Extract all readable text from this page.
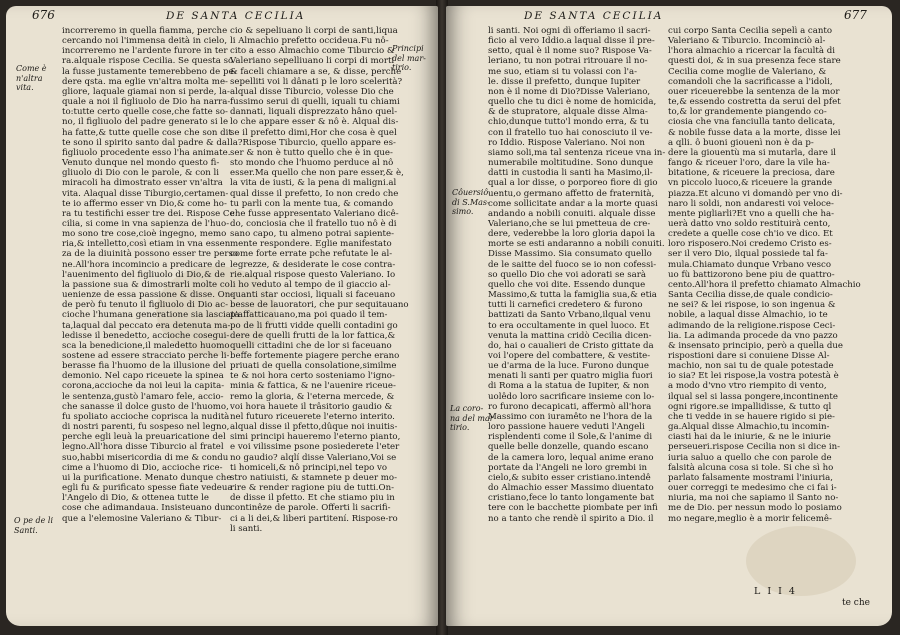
676	DE SANTA CECILIA
Come è
n'altra
vita.
Principi
del mar-
tirio.
O pe de li
Santi.
incorreremo in quella fiamma, perche
cercando noi l'immensa deità in cielo,
incorreremo ne l'ardente furore in ter
ra.alquale rispose Cecilia. Se questa so
la fusse justamente temerebbeno de pe-
dere qsta. ma eglie vn'altra molta me-
gliore, laquale giamai non si perde, la-
quale a noi il figliuolo de Dio ha narra-
to:tutte certo quelle cose,che fatte so-
no, il figliuolo del padre generato si le
ha fatte,& tutte quelle cose che son dit
te sono il spirito santo dal padre & dal
figliuolo procedente esso l'ha animate.
Venuto dunque nel mondo questo fi-
gliuolo di Dio con le parole, & con li
miracoli ha dimostrato esser vn'altra
vita. Alaqual disse Tiburgio,certamen-
te io affermo esser vn Dio,& come ho-
ra tu testifichi esser tre dei. Rispose Ce
cilia, si come in vna sapienza de l'huo-
mo sono tre cose,cioè ingegno, memo
ria,& intelletto,così etiam in vna essen
za de la diuinità possono esser tre perso
ne.All'hora incomincio a predicare de
l'auenimento del figliuolo di Dio,& de
la passione sua & dimostrarli molte co
uenienze de essa passione & disse. On-
de però fu tenuto il figliuolo di Dio ac-
cioche l'humana generatione sia lasciata
ta,laqual dal peccato era detenuta ma-
ledisse il benedetto, accioche cosegui-
sca la benedicione,il maledetto huomo
sostene ad essere stracciato perche li-
berasse fia l'huomo de la illusione del
demonio. Nel capo riceuete la spinea
corona,accioche da noi leui la capita-
le sentenza,gustò l'amaro fele, accio-
che sanasse il dolce gusto de l'huomo,
fu spoliato accioche coprisca la nudità
di nostri parenti, fu sospeso nel legno,
perche egli leuà la preuaricatione del
legno.All'hora disse Tiburcio al fratel
suo,habbi misericordia di me & condu
cime a l'huomo di Dio, accioche rice-
ui la purificatione. Menato dunque che
egli fu & purificato spesse fiate vedeua
l'Angelo di Dio, & ottenea tutte le
cose che adimandaua. Insisteuano dun
que a l'elemosine Valeriano & Tibur-
cio & sepeliuano li corpi de santi,liqua
li Almachio prefetto occideua.Fu nô-
cito a esso Almachio come Tiburcio &
Valeriano sepelliuano li corpi di morti
& faceli chiamare a se, & disse, perche
sepelliti voi li dânati p le loro scelerità?
alqual disse Tiburcio, volesse Dio che
fussimo serui di quelli, iquali tu chiami
dannati, liquali disprezzato hâno quel-
lo che appare esser & nô è. Alqual dis-
se il prefetto dimi,Hor che cosa è quel
la?Rispose Tiburcio, quello appare es-
ser & non è tutto quello che è in que-
sto mondo che l'huomo perduce al nô
esser.Ma quello che non pare esser,& è,
la vita de iusti, & la pena di maligni.al
qual disse il prefetto, Io non credo che
tu parli con la mente tua, & comando
che fusse appresentato Valeriano dicê-
do, conciosia che il fratello tuo nô è di
sano capo, tu almeno potrai sapiente-
mente respondere. Eglie manifestato
come forte errate pche refutate le al-
legrezze, & desiderate le cose contra-
rie.alqual rispose questo Valeriano. Io
li ho veduto al tempo de il giaccio al-
quanti star occiosi, liquali si faceuano
besse de lauoratori, che pur sequitauano
p'affatticauano,ma poi quado il tem-
po de li frutti vidde quelli contadini go
dere de quelli frutti de la lor fattica,&
quelli cittadini che de lor si faceuano
beffe fortemente piagere perche erano
priuati de quella consolatione,similme
te & noi hora certo sosteniamo l'igno-
minia & fattica, & ne l'auenire riceue-
remo la gloria, & l'eterna mercede, &
voi hora hauete il trâsitorio gaudio &
nel futuro riceuerete l'eterno interito.
alqual disse il pfetto,dûque noi inuitis-
simi principi haueremo l'eterno pianto,
e voi vilissime psone posiederete l'eter
no gaudio? alqlí disse Valeriano,Voi se
ti homiceli,& nô principi,nel tepo vo
stro natiuisti, & stamnete p deuer mo-
rire & render ragione piu de tutti.On-
de disse il pfetto. Et che stiamo piu in
continêze de parole. Offerti li sacrifi-
ci a li dei,& liberi partitení. Rispose-ro
li santi.
DE SANTA CECILIA	677
Côuersiô
di S.Mas-
simo.
La coro-
na del mar
tirio.
li santi. Noi ogni dì offeriamo il sacri-
ficio al vero Iddio.a laqual disse il pre-
setto, qual è il nome suo? Rispose Va-
leriano, tu non potrai ritrouare il no-
me suo, etiam si tu volassi con l'a-
le. disse il prefetto, dunque Iupiter
non è il nome di Dio?Disse Valeriano,
quello che tu dici è nome de homicida,
& de stupratore, alquale disse Alma-
chio,dunque tutto'l mondo erra, & tu
con il fratello tuo hai conosciuto il ve-
ro Iddio. Rispose Valeriano. Noi non
siamo soli,ma tal sentenza riceue vna in-
numerabile moltitudine. Sono dunque
datti in custodia li santi ha Masimo,il-
qual a lor disse, o porporeo fiore di gio
uentu,o germano affetto de fraternità,
come sollicitate andar a la morte quasi
andando a nobili conuiti. alquale disse
Valeriano,che se lui pmetteua de cre-
dere, vederebbe la loro gloria dapoi la
morte se esti andaranno a nobili conuiti.
Disse Massimo. Sia consumato quello
de le saitte del fuoco se io non cofessi-
so quello Dio che voi adorati se sarà
quello che voi dite. Essendo dunque
Massimo,& tutta la famiglia sua,& etia
tutti li carnefici credetero & furono
battizati da Santo Vrbano,ilqual venu
to era occultamente in quel luoco. Et
venuta la mattina cridò Cecilia dicen-
do, hai o caualieri de Cristo gittate da
voi l'opere del combattere, & vestite-
ue d'arma de la luce. Furono dunque
menati li santi per quatro miglia fuori
di Roma a la statua de Iupiter, & non
uolêdo loro sacrificare insieme con lo-
ro furono decapicati, affermò all'hora
Massimo con iuramêto ne l'hora de la
loro passione hauere veduti l'Angeli
risplendenti come il Sole,& l'anime di
quelle belle donzelle, quando escano
de la camera loro, lequal anime erano
portate da l'Angeli ne loro grembi in
cielo,& subito esser cristiano.intendê
do Almachio esser Massimo diuentato
cristiano,fece lo tanto longamente bat
tere con le bacchette piombate per infi
no a tanto che rendè il spirito a Dio. il
cui corpo Santa Cecilia sepelì a canto
Valeriano & Tiburcio. Incominciò al-
l'hora almachio a ricercar la facultà di
questi doi, & in sua presenza fece stare
Cecilia come moglie de Valeriano, &
comandoli che la sacrificasse a l'idoli,
ouer riceuerebbe la sentenza de la mor
te,& essendo costretta da serui del pfet
to,& lor grandemente piangendo co-
ciosia che vna fanciulla tanto delicata,
& nobile fusse data a la morte, disse lei
a qlli. ô buoni giouenì non è da p-
dere la giouentù ma si mutarla, dare il
fango & riceuer l'oro, dare la vile ha-
bitatione, & riceuere la preciosa, dare
vn piccolo luoco,& riceuere la grande
piazza.Et alcuno vi domandò per vno di-
naro li soldi, non andaresti voi veloce-
mente pigliarli?Et vno a quelli che ha-
uerà datto vno soldo restituirà cento,
credete a quelle cose ch'io ve dico. Et
loro risposero.Noi credemo Cristo es-
ser il vero Dio, ilqual possiede tal fa-
mula.Chiamato dunque Vrbano vesco
uo fù battizorono bene piu de quattro-
cento.All'hora il prefetto chiamato Almachio
Santa Cecilia disse,de quale condicio-
ne sei? & lei rispose, io son ingenua &
nobile, a laqual disse Almachio, io te
adimando de la religione.rispose Ceci-
lia. La adimanda procede da vno pazzo
& insensato principio, però a quella due
rispostioni dare si conuiene Disse Al-
machio, non sai tu de quale potestade
io sia? Et lei rispose,la vostra potestà è
a modo d'vno vtro riempito di vento,
ilqual sel si lassa pongere,incontinente
ogni rigore.se impallidisse, & tutto ql
che ti vedde in se hauere rigido si pie-
ga.Alqual disse Almachio,tu incomin-
ciasti hai da le iniurie, & ne le iniurie
perseueri.rispose Cecilia non si dice in-
iuria saluo a quello che con parole de
falsità alcuna cosa si tole. Si che sì ho
parlato falsamente mostrami l'iniuria,
ouer correggi te medesimo che ci fai i-
niuria, ma noi che sapiamo il Santo no-
me de Dio. per nessun modo lo posiamo
mo negare,meglio è a morir felicemê-
L I I 4
te che
